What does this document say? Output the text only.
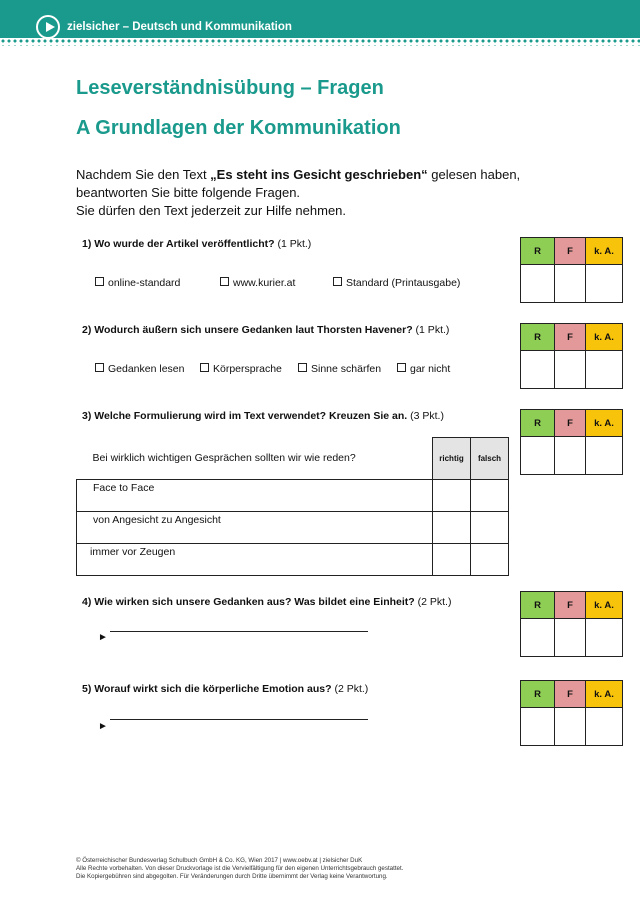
zielsicher – Deutsch und Kommunikation
Leseverständnisübung – Fragen
A Grundlagen der Kommunikation
Nachdem Sie den Text „Es steht ins Gesicht geschrieben“ gelesen haben,
beantworten Sie bitte folgende Fragen.
Sie dürfen den Text jederzeit zur Hilfe nehmen.
1) Wo wurde der Artikel veröffentlicht? (1 Pkt.)
online-standard	www.kurier.at	Standard (Printausgabe)
R	F	k. A.

2) Wodurch äußern sich unsere Gedanken laut Thorsten Havener? (1 Pkt.)
Gedanken lesen	Körpersprache	Sinne schärfen	gar nicht
R	F	k. A.

3) Welche Formulierung wird im Text verwendet? Kreuzen Sie an. (3 Pkt.)
R	F	k. A.

Bei wirklich wichtigen Gesprächen sollten wir wie reden?	richtig	falsch
Face to Face		
von Angesicht zu Angesicht		
immer vor Zeugen		
4) Wie wirken sich unsere Gedanken aus? Was bildet eine Einheit? (2 Pkt.)
►
R	F	k. A.

5) Worauf wirkt sich die körperliche Emotion aus? (2 Pkt.)
►
R	F	k. A.

© Österreichischer Bundesverlag Schulbuch GmbH & Co. KG, Wien 2017 | www.oebv.at | zielsicher DuK
Alle Rechte vorbehalten. Von dieser Druckvorlage ist die Vervielfältigung für den eigenen Unterrichtsgebrauch gestattet.
Die Kopiergebühren sind abgegolten. Für Veränderungen durch Dritte übernimmt der Verlag keine Verantwortung.
